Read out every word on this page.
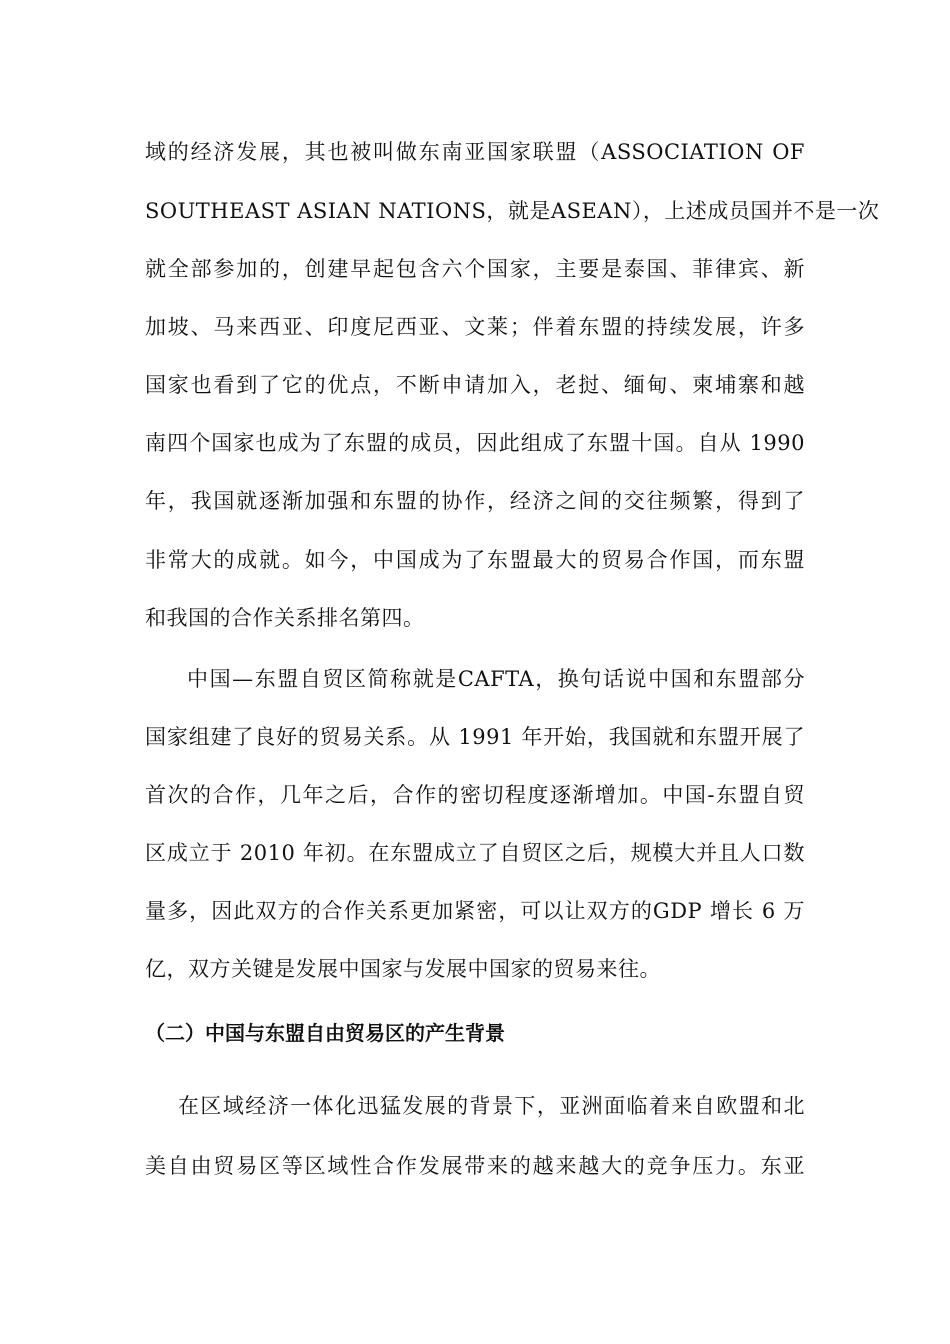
域的经济发展，其也被叫做东南亚国家联盟（ASSOCIATION OF
SOUTHEAST ASIAN NATIONS，就是ASEAN），上述成员国并不是一次
就全部参加的，创建早起包含六个国家，主要是泰国、菲律宾、新
加坡、马来西亚、印度尼西亚、文莱；伴着东盟的持续发展，许多
国家也看到了它的优点，不断申请加入，老挝、缅甸、柬埔寨和越
南四个国家也成为了东盟的成员，因此组成了东盟十国。自从 1990
年，我国就逐渐加强和东盟的协作，经济之间的交往频繁，得到了
非常大的成就。如今，中国成为了东盟最大的贸易合作国，而东盟
和我国的合作关系排名第四。
中国—东盟自贸区简称就是CAFTA，换句话说中国和东盟部分
国家组建了良好的贸易关系。从 1991 年开始，我国就和东盟开展了
首次的合作，几年之后，合作的密切程度逐渐增加。中国-东盟自贸
区成立于 2010 年初。在东盟成立了自贸区之后，规模大并且人口数
量多，因此双方的合作关系更加紧密，可以让双方的GDP 增长 6 万
亿，双方关键是发展中国家与发展中国家的贸易来往。
（二）中国与东盟自由贸易区的产生背景
在区域经济一体化迅猛发展的背景下，亚洲面临着来自欧盟和北
美自由贸易区等区域性合作发展带来的越来越大的竞争压力。东亚
